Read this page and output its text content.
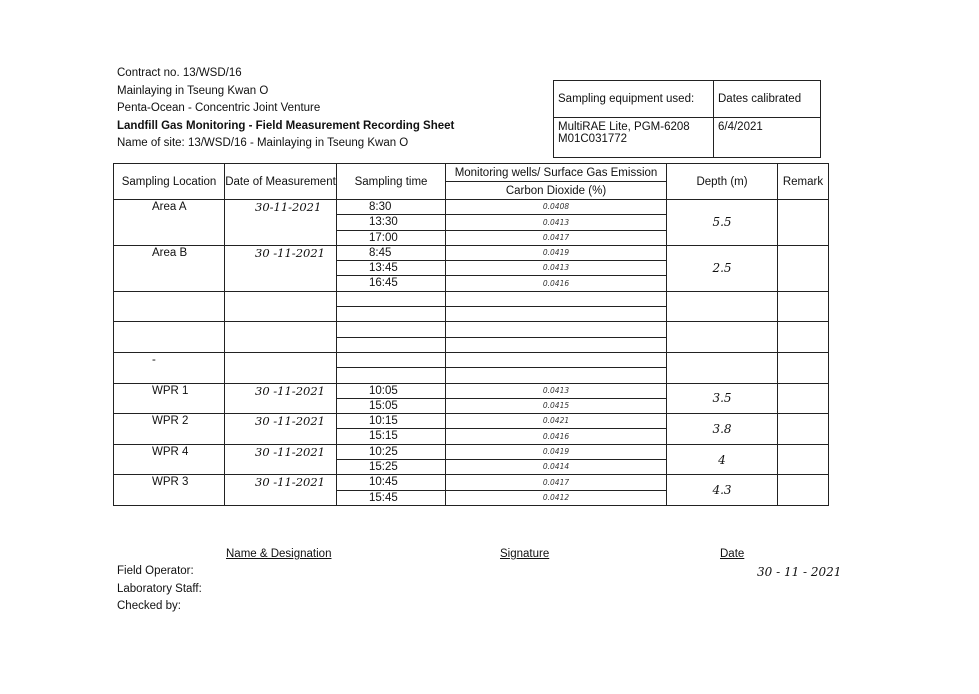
Contract no. 13/WSD/16
Mainlaying in Tseung Kwan O
Penta-Ocean - Concentric Joint Venture
Landfill Gas Monitoring - Field Measurement Recording Sheet
Name of site: 13/WSD/16 - Mainlaying in Tseung Kwan O
Sampling equipment used:	Dates calibrated

MultiRAE Lite, PGM-6208
M01C031772	6/4/2021
Sampling Location	Date of Measurement	Sampling time	Monitoring wells/ Surface Gas Emission	Depth (m)	Remark
			Carbon Dioxide (%)		
Area A	30-11-2021	8:30	0.0408	5.5	
		13:30	0.0413		
		17:00	0.0417		
Area B	30 -11-2021	8:45	0.0419	2.5	
		13:45	0.0413		
		16:45	0.0416		

-					

WPR 1	30 -11-2021	10:05	0.0413	3.5	
		15:05	0.0415		
WPR 2	30 -11-2021	10:15	0.0421	3.8	
		15:15	0.0416		
WPR 4	30 -11-2021	10:25	0.0419	4	
		15:25	0.0414		
WPR 3	30 -11-2021	10:45	0.0417	4.3	
		15:45	0.0412		
Name & Designation	Signature	Date
Field Operator:
Laboratory Staff:
Checked by:
30 - 11 - 2021
